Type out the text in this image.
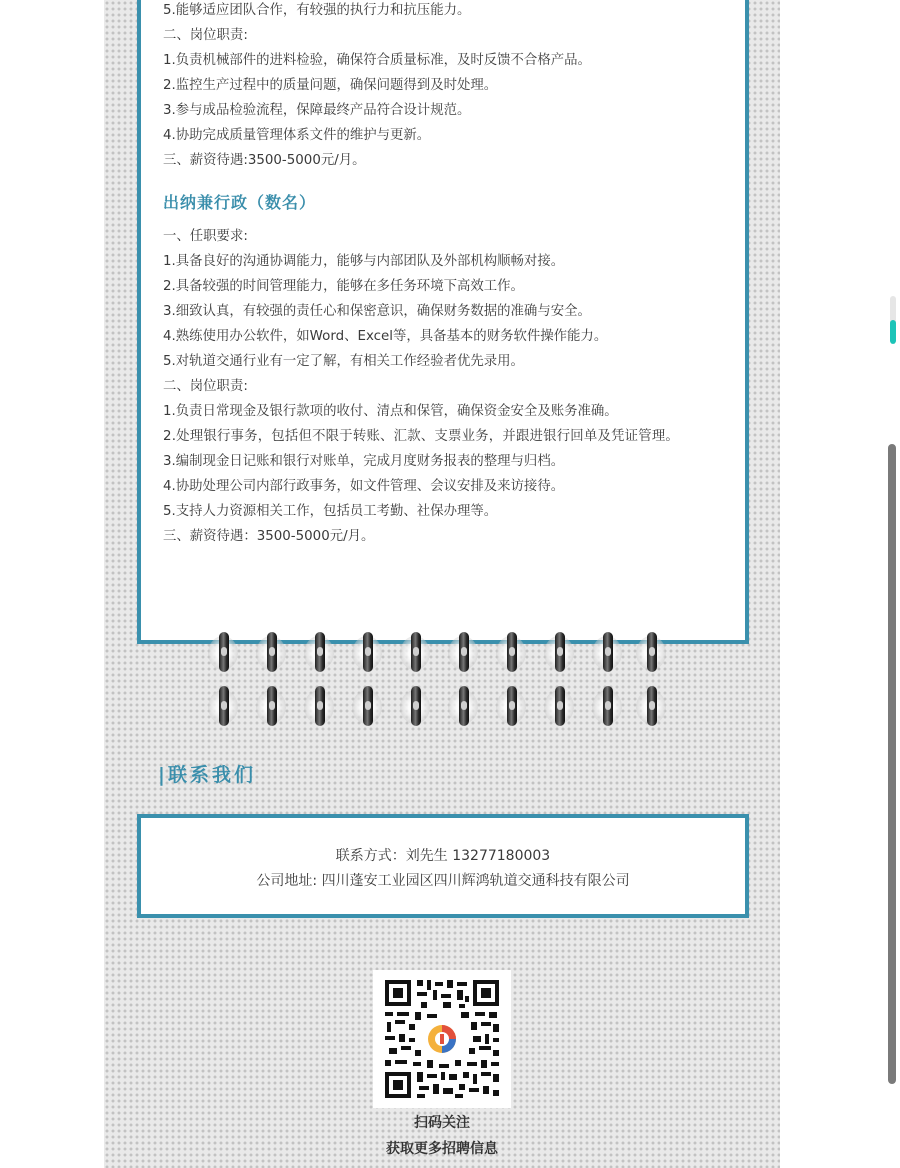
5.能够适应团队合作，有较强的执行力和抗压能力。
二、岗位职责:
1.负责机械部件的进料检验，确保符合质量标准，及时反馈不合格产品。
2.监控生产过程中的质量问题，确保问题得到及时处理。
3.参与成品检验流程，保障最终产品符合设计规范。
4.协助完成质量管理体系文件的维护与更新。
三、薪资待遇:3500-5000元/月。
出纳兼行政（数名）
一、任职要求:
1.具备良好的沟通协调能力，能够与内部团队及外部机构顺畅对接。
2.具备较强的时间管理能力，能够在多任务环境下高效工作。
3.细致认真，有较强的责任心和保密意识，确保财务数据的准确与安全。
4.熟练使用办公软件，如Word、Excel等，具备基本的财务软件操作能力。
5.对轨道交通行业有一定了解，有相关工作经验者优先录用。
二、岗位职责:
1.负责日常现金及银行款项的收付、清点和保管，确保资金安全及账务准确。
2.处理银行事务，包括但不限于转账、汇款、支票业务，并跟进银行回单及凭证管理。
3.编制现金日记账和银行对账单，完成月度财务报表的整理与归档。
4.协助处理公司内部行政事务，如文件管理、会议安排及来访接待。
5.支持人力资源相关工作，包括员工考勤、社保办理等。
三、薪资待遇：3500-5000元/月。
|联系我们
联系方式：刘先生 13277180003
公司地址: 四川蓬安工业园区四川辉鸿轨道交通科技有限公司
扫码关注
获取更多招聘信息
